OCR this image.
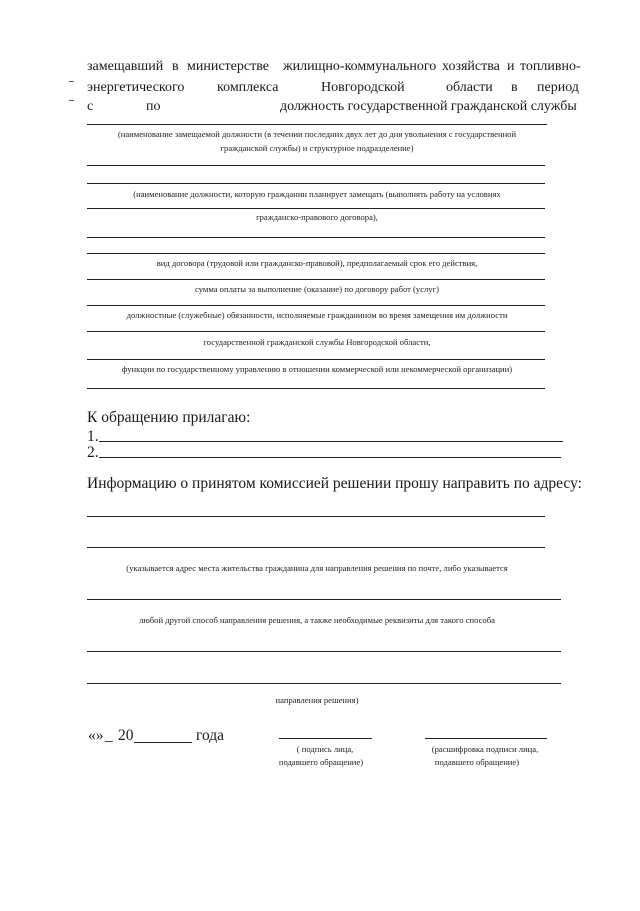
замещавший в министерстве жилищно-коммунального хозяйства и топливно-
энергетического комплекса	Новгородской	области в период
с	по	должность государственной гражданской службы
(наименование замещаемой должности (в течении последних двух лет до дня увольнения с государственной
гражданской службы) и структурное подразделение)
(наименование должности, которую гражданин планирует замещать (выполнять работу на условиях
гражданско-правового договора),
вид договора (трудовой или гражданско-правовой), предполагаемый срок его действия,
сумма оплаты за выполнение (оказание) по договору работ (услуг)
должностные (служебные) обязанности, исполняемые гражданином во время замещения им должности
государственной гражданской службы Новгородской области,
функции по государственному управлению в отношении коммерческой или некоммерческой организации)
К обращению прилагаю:
1.
2.
Информацию о принятом комиссией решении прошу направить по адресу:
(указывается адрес места жительства гражданина для направления решения по почте, либо указывается
любой другой способ направления решения, а также необходимые реквизиты для такого способа
направления решения)
«» _ 20	года
( подпись лица,
подавшего обращение)
(расшифровка подписи лица,
подавшего обращение)
